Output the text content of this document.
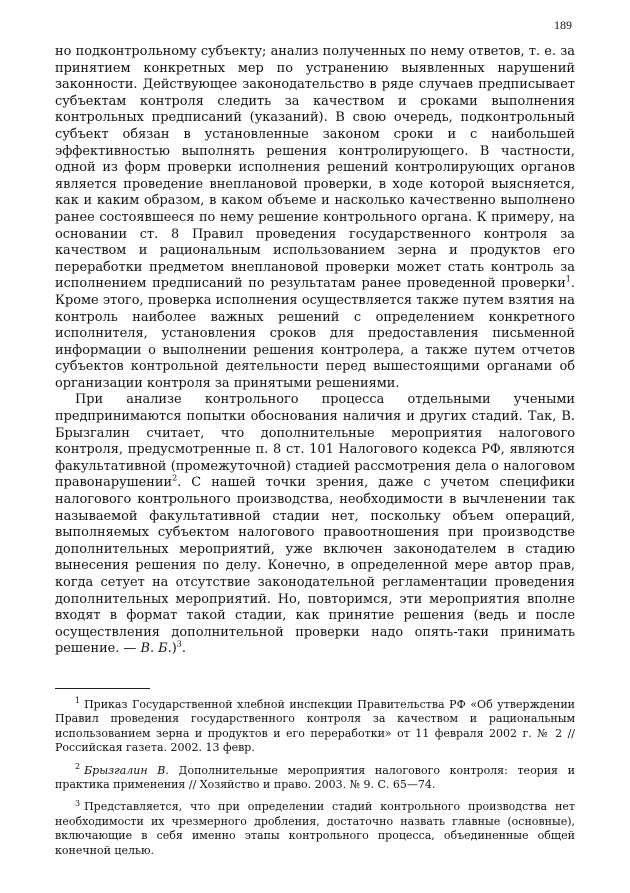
189

но подконтрольному субъекту; анализ полученных по нему ответов, т. е. за принятием конкретных мер по устранению выявленных нарушений законности. Действующее законодательство в ряде случаев предписывает субъектам контроля следить за качеством и сроками выполнения контрольных предписаний (указаний). В свою очередь, подконтрольный субъект обязан в установленные законом сроки и с наибольшей эффективностью выполнять решения контролирующего. В частности, одной из форм проверки исполнения решений контролирующих органов является проведение внеплановой проверки, в ходе которой выясняется, как и каким образом, в каком объеме и насколько качественно выполнено ранее состоявшееся по нему решение контрольного органа. К примеру, на основании ст. 8 Правил проведения государственного контроля за качеством и рациональным использованием зерна и продуктов его переработки предметом внеплановой проверки может стать контроль за исполнением предписаний по результатам ранее проведенной проверки$^1$. Кроме этого, проверка исполнения осуществляется также путем взятия на контроль наиболее важных решений с определением конкретного исполнителя, установления сроков для предоставления письменной информации о выполнении решения контролера, а также путем отчетов субъектов контрольной деятельности перед вышестоящими органами об организации контроля за принятыми решениями.

При анализе контрольного процесса отдельными учеными предпринимаются попытки обоснования наличия и других стадий. Так, В. Брызгалин считает, что дополнительные мероприятия налогового контроля, предусмотренные п. 8 ст. 101 Налогового кодекса РФ, являются факультативной (промежуточной) стадией рассмотрения дела о налоговом правонарушении$^2$. С нашей точки зрения, даже с учетом специфики налогового контрольного производства, необходимости в вычленении так называемой факультативной стадии нет, поскольку объем операций, выполняемых субъектом налогового правоотношения при производстве дополнительных мероприятий, уже включен законодателем в стадию вынесения решения по делу. Конечно, в определенной мере автор прав, когда сетует на отсутствие законодательной регламентации проведения дополнительных мероприятий. Но, повторимся, эти мероприятия вполне входят в формат такой стадии, как принятие решения (ведь и после осуществления дополнительной проверки надо опять-таки принимать решение. — В. Б.)$^3$.

$^1$ Приказ Государственной хлебной инспекции Правительства РФ «Об утверждении Правил проведения государственного контроля за качеством и рациональным использованием зерна и продуктов и его переработки» от 11 февраля 2002 г. № 2 // Российская газета. 2002. 13 февр.

$^2$ Брызгалин В. Дополнительные мероприятия налогового контроля: теория и практика применения // Хозяйство и право. 2003. № 9. С. 65—74.

$^3$ Представляется, что при определении стадий контрольного производства нет необходимости их чрезмерного дробления, достаточно назвать главные (основные), включающие в себя именно этапы контрольного процесса, объединенные общей конечной целью.
